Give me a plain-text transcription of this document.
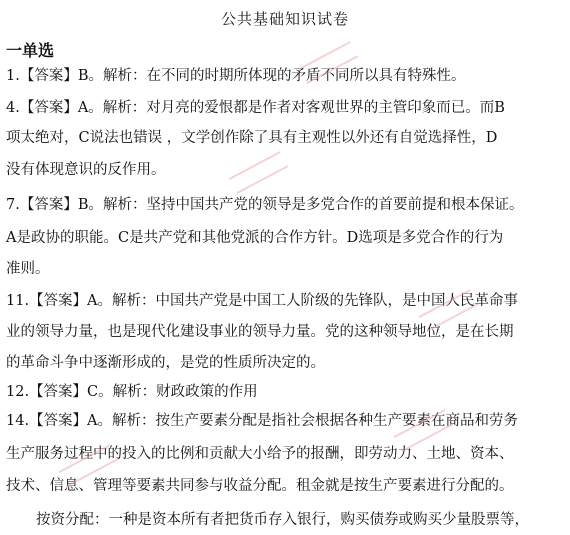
公共基础知识试卷
一单选
1.【答案】B。解析：在不同的时期所体现的矛盾不同所以具有特殊性。
4.【答案】A。解析：对月亮的爱恨都是作者对客观世界的主管印象而已。而B
项太绝对，C说法也错误 ，文学创作除了具有主观性以外还有自觉选择性，D
没有体现意识的反作用。
7.【答案】B。解析：坚持中国共产党的领导是多党合作的首要前提和根本保证。
A是政协的职能。C是共产党和其他党派的合作方针。D选项是多党合作的行为
准则。
11.【答案】A。解析：中国共产党是中国工人阶级的先锋队，是中国人民革命事
业的领导力量，也是现代化建设事业的领导力量。党的这种领导地位，是在长期
的革命斗争中逐渐形成的，是党的性质所决定的。
12.【答案】C。解析：财政政策的作用
14.【答案】A。解析：按生产要素分配是指社会根据各种生产要素在商品和劳务
生产服务过程中的投入的比例和贡献大小给予的报酬，即劳动力、土地、资本、
技术、信息、管理等要素共同参与收益分配。租金就是按生产要素进行分配的。
按资分配：一种是资本所有者把货币存入银行，购买债券或购买少量股票等，
